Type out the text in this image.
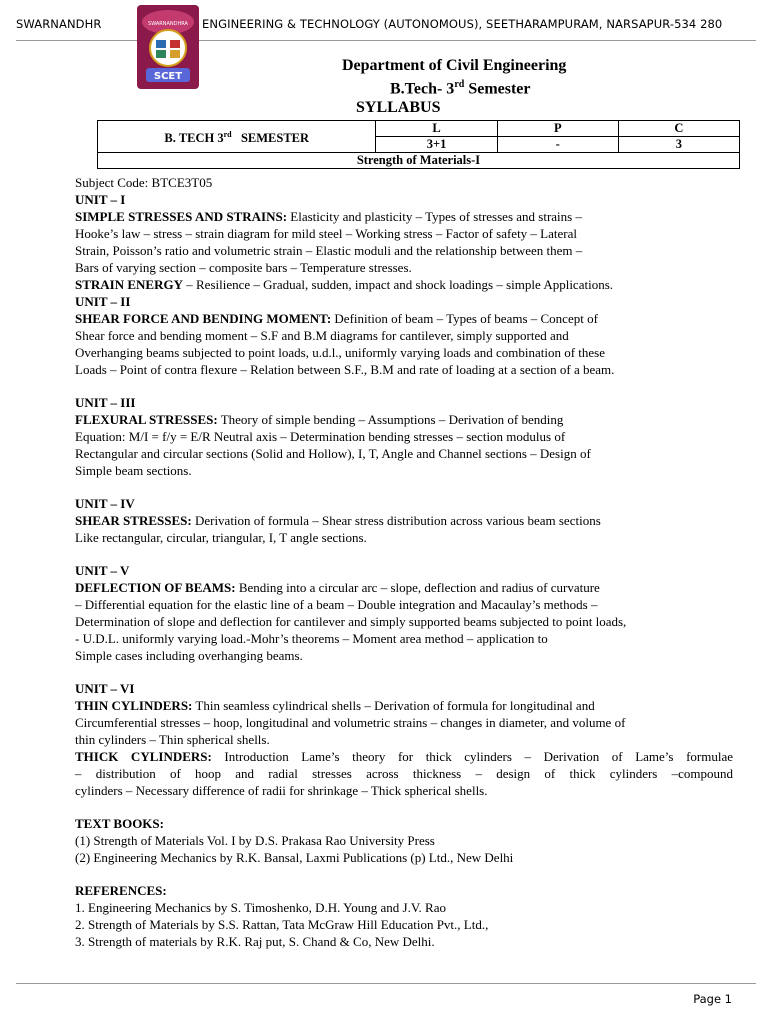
SWARNANDHR	ENGINEERING & TECHNOLOGY (AUTONOMOUS), SEETHARAMPURAM, NARSAPUR-534 280
SWARNANDHRA
SCET
Department of Civil Engineering
B.Tech- 3rd Semester
SYLLABUS
B. TECH 3rd   SEMESTER	L	P	C
	3+1	-	3
Strength of Materials-I			

Subject Code: BTCE3T05

UNIT – I

SIMPLE STRESSES AND STRAINS: Elasticity and plasticity – Types of stresses and strains –

Hooke’s law – stress – strain diagram for mild steel – Working stress – Factor of safety – Lateral

Strain, Poisson’s ratio and volumetric strain – Elastic moduli and the relationship between them –

Bars of varying section – composite bars – Temperature stresses.

STRAIN ENERGY – Resilience – Gradual, sudden, impact and shock loadings – simple Applications.

UNIT – II

SHEAR FORCE AND BENDING MOMENT: Definition of beam – Types of beams – Concept of

Shear force and bending moment – S.F and B.M diagrams for cantilever, simply supported and

Overhanging beams subjected to point loads, u.d.l., uniformly varying loads and combination of these

Loads – Point of contra flexure – Relation between S.F., B.M and rate of loading at a section of a beam.

UNIT – III

FLEXURAL STRESSES: Theory of simple bending – Assumptions – Derivation of bending

Equation: M/I = f/y = E/R Neutral axis – Determination bending stresses – section modulus of

Rectangular and circular sections (Solid and Hollow), I, T, Angle and Channel sections – Design of

Simple beam sections.

UNIT – IV

SHEAR STRESSES: Derivation of formula – Shear stress distribution across various beam sections

Like rectangular, circular, triangular, I, T angle sections.

UNIT – V

DEFLECTION OF BEAMS: Bending into a circular arc – slope, deflection and radius of curvature

– Differential equation for the elastic line of a beam – Double integration and Macaulay’s methods –

Determination of slope and deflection for cantilever and simply supported beams subjected to point loads,

- U.D.L. uniformly varying load.-Mohr’s theorems – Moment area method – application to

Simple cases including overhanging beams.

UNIT – VI

THIN CYLINDERS: Thin seamless cylindrical shells – Derivation of formula for longitudinal and

Circumferential stresses – hoop, longitudinal and volumetric strains – changes in diameter, and volume of

thin cylinders – Thin spherical shells.

THICK CYLINDERS: Introduction Lame’s theory for thick cylinders – Derivation of Lame’s formulae

– distribution of hoop and radial stresses across thickness – design of thick cylinders –compound

cylinders – Necessary difference of radii for shrinkage – Thick spherical shells.

TEXT BOOKS:

(1) Strength of Materials Vol. I by D.S. Prakasa Rao University Press

(2) Engineering Mechanics by R.K. Bansal, Laxmi Publications (p) Ltd., New Delhi

REFERENCES:

1. Engineering Mechanics by S. Timoshenko, D.H. Young and J.V. Rao

2. Strength of Materials by S.S. Rattan, Tata McGraw Hill Education Pvt., Ltd.,

3. Strength of materials by R.K. Raj put, S. Chand & Co, New Delhi.

Page 1
